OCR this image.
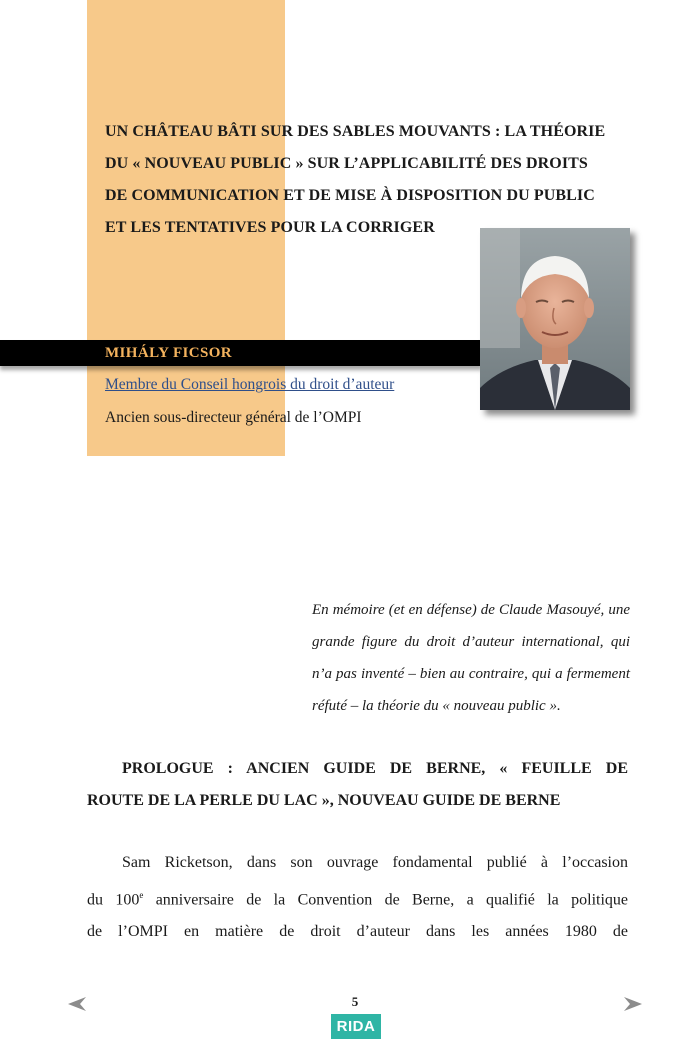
UN CHÂTEAU BÂTI SUR DES SABLES MOUVANTS : LA THÉORIE
DU « NOUVEAU PUBLIC » SUR L’APPLICABILITÉ DES DROITS
DE COMMUNICATION ET DE MISE À DISPOSITION DU PUBLIC
ET LES TENTATIVES POUR LA CORRIGER
MIHÁLY FICSOR
Membre du Conseil hongrois du droit d’auteur
Ancien sous-directeur général de l’OMPI
En mémoire (et en défense) de Claude Masouyé, une
grande figure du droit d’auteur international, qui
n’a pas inventé – bien au contraire, qui a fermement
réfuté – la théorie du « nouveau public ».
PROLOGUE : ANCIEN GUIDE DE BERNE, « FEUILLE DE
ROUTE DE LA PERLE DU LAC », NOUVEAU GUIDE DE BERNE
Sam Ricketson, dans son ouvrage fondamental publié à l’occasion
du 100e anniversaire de la Convention de Berne, a qualifié la politique
de l’OMPI en matière de droit d’auteur dans les années 1980 de
5
RIDA
